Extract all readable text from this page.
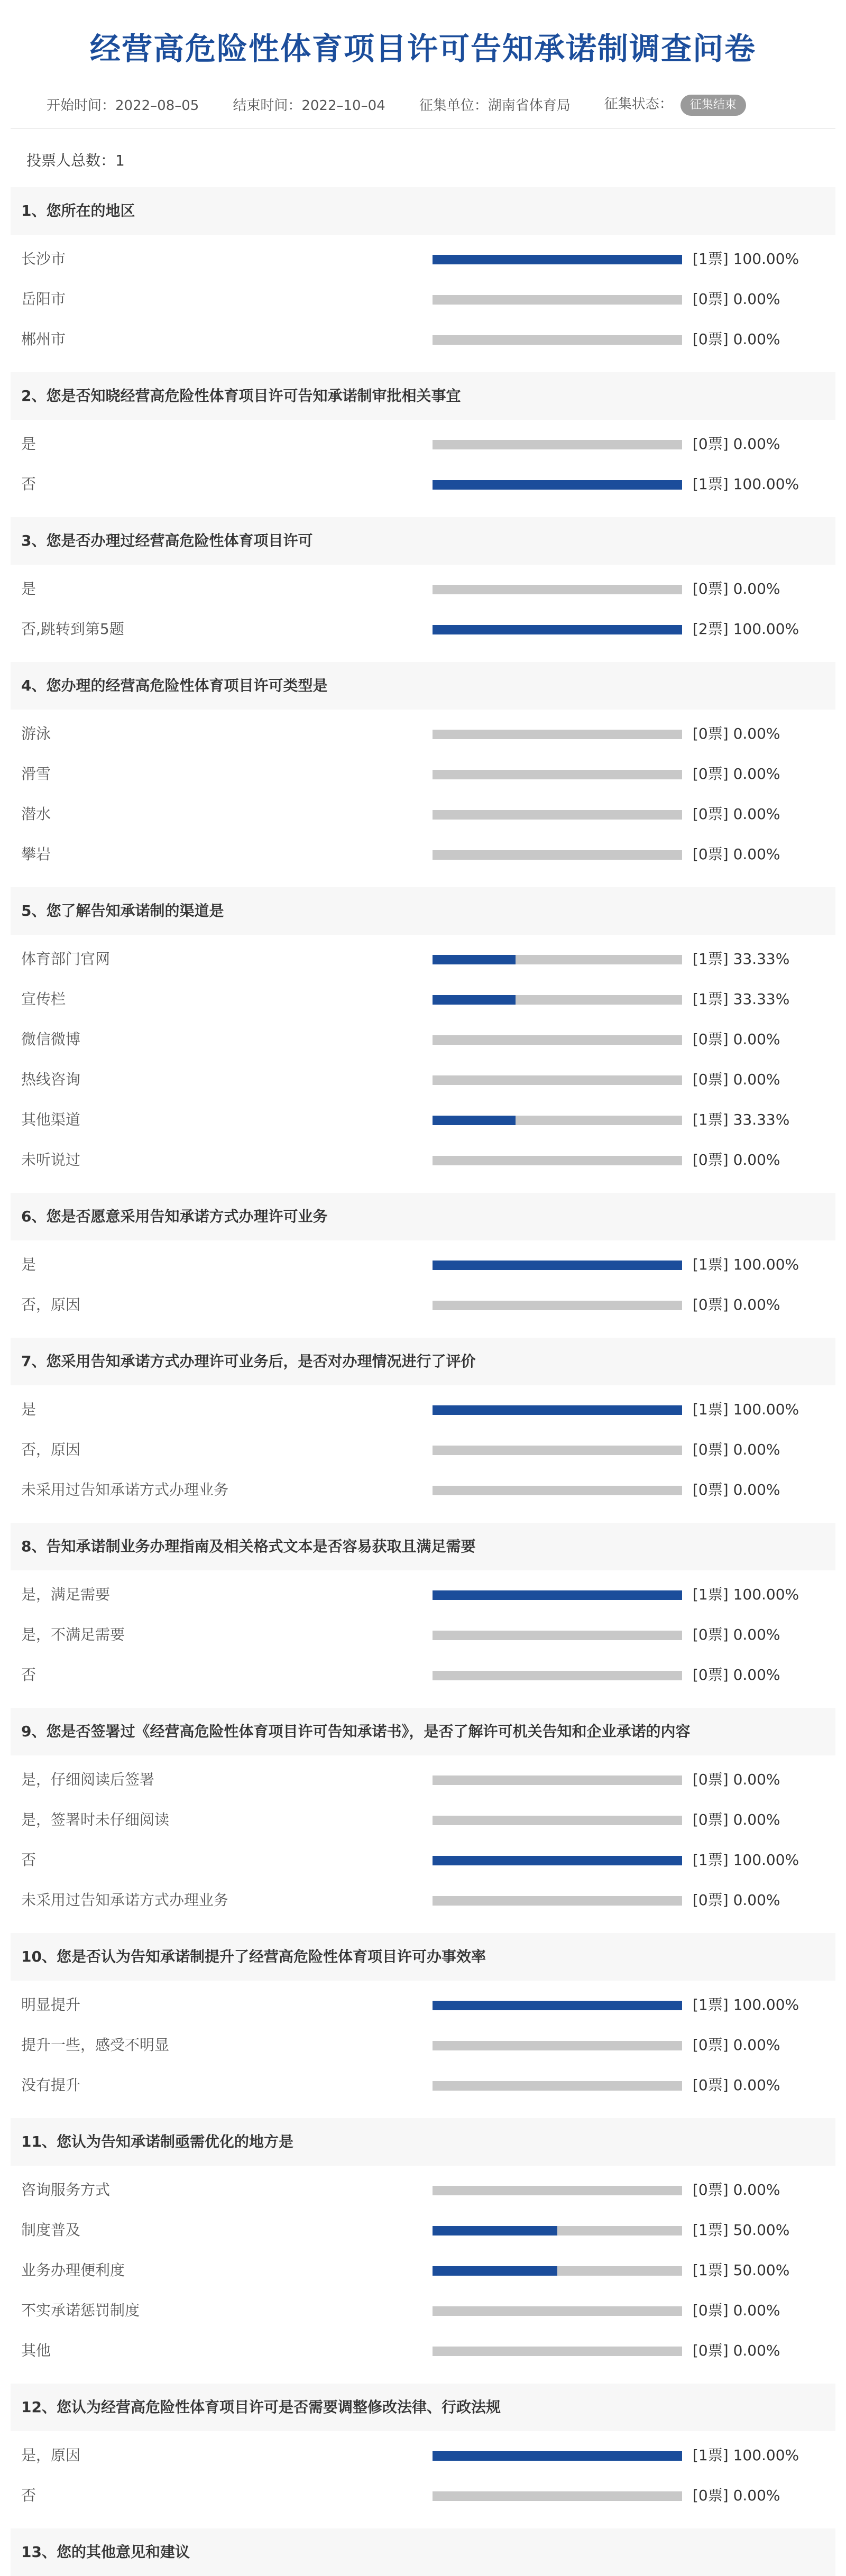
经营高危险性体育项目许可告知承诺制调查问卷
开始时间：2022–08–05 结束时间：2022–10–04 征集单位：湖南省体育局 征集状态： 征集结束
投票人总数：1
1、您所在的地区
长沙市	[1票] 100.00%
岳阳市	[0票] 0.00%
郴州市	[0票] 0.00%
2、您是否知晓经营高危险性体育项目许可告知承诺制审批相关事宜
是	[0票] 0.00%
否	[1票] 100.00%
3、您是否办理过经营高危险性体育项目许可
是	[0票] 0.00%
否,跳转到第5题	[2票] 100.00%
4、您办理的经营高危险性体育项目许可类型是
游泳	[0票] 0.00%
滑雪	[0票] 0.00%
潜水	[0票] 0.00%
攀岩	[0票] 0.00%
5、您了解告知承诺制的渠道是
体育部门官网	[1票] 33.33%
宣传栏	[1票] 33.33%
微信微博	[0票] 0.00%
热线咨询	[0票] 0.00%
其他渠道	[1票] 33.33%
未听说过	[0票] 0.00%
6、您是否愿意采用告知承诺方式办理许可业务
是	[1票] 100.00%
否，原因	[0票] 0.00%
7、您采用告知承诺方式办理许可业务后，是否对办理情况进行了评价
是	[1票] 100.00%
否，原因	[0票] 0.00%
未采用过告知承诺方式办理业务	[0票] 0.00%
8、告知承诺制业务办理指南及相关格式文本是否容易获取且满足需要
是，满足需要	[1票] 100.00%
是，不满足需要	[0票] 0.00%
否	[0票] 0.00%
9、您是否签署过《经营高危险性体育项目许可告知承诺书》，是否了解许可机关告知和企业承诺的内容
是，仔细阅读后签署	[0票] 0.00%
是，签署时未仔细阅读	[0票] 0.00%
否	[1票] 100.00%
未采用过告知承诺方式办理业务	[0票] 0.00%
10、您是否认为告知承诺制提升了经营高危险性体育项目许可办事效率
明显提升	[1票] 100.00%
提升一些，感受不明显	[0票] 0.00%
没有提升	[0票] 0.00%
11、您认为告知承诺制亟需优化的地方是
咨询服务方式	[0票] 0.00%
制度普及	[1票] 50.00%
业务办理便利度	[1票] 50.00%
不实承诺惩罚制度	[0票] 0.00%
其他	[0票] 0.00%
12、您认为经营高危险性体育项目许可是否需要调整修改法律、行政法规
是，原因	[1票] 100.00%
否	[0票] 0.00%
13、您的其他意见和建议
